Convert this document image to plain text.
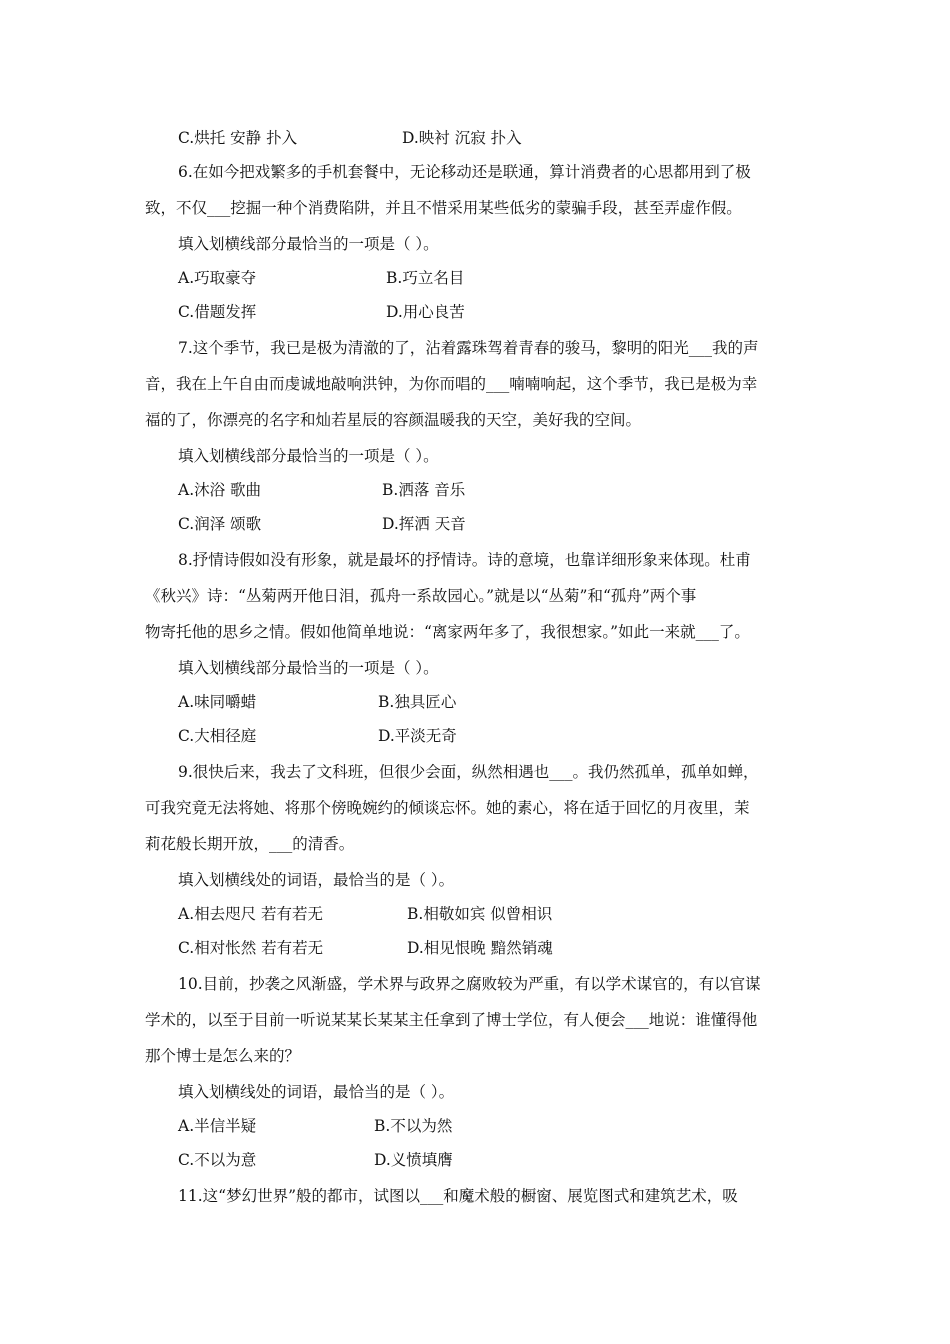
C.烘托 安静 扑入	D.映衬 沉寂 扑入
6.在如今把戏繁多的手机套餐中，无论移动还是联通，算计消费者的心思都用到了极
致，不仅___挖掘一种个消费陷阱，并且不惜采用某些低劣的蒙骗手段，甚至弄虚作假。
填入划横线部分最恰当的一项是（ ）。
A.巧取豪夺	B.巧立名目
C.借题发挥	D.用心良苦
7.这个季节，我已是极为清澈的了，沾着露珠驾着青春的骏马，黎明的阳光___我的声
音，我在上午自由而虔诚地敲响洪钟，为你而唱的___喃喃响起，这个季节，我已是极为幸
福的了，你漂亮的名字和灿若星辰的容颜温暖我的天空，美好我的空间。
填入划横线部分最恰当的一项是（ ）。
A.沐浴 歌曲	B.洒落 音乐
C.润泽 颂歌	D.挥洒 天音
8.抒情诗假如没有形象，就是最坏的抒情诗。诗的意境，也靠详细形象来体现。杜甫
《秋兴》诗：“丛菊两开他日泪，孤舟一系故园心。”就是以“丛菊”和“孤舟”两个事
物寄托他的思乡之情。假如他简单地说：“离家两年多了，我很想家。”如此一来就___了。
填入划横线部分最恰当的一项是（ ）。
A.味同嚼蜡	B.独具匠心
C.大相径庭	D.平淡无奇
9.很快后来，我去了文科班，但很少会面，纵然相遇也___。我仍然孤单，孤单如蝉，
可我究竟无法将她、将那个傍晚婉约的倾谈忘怀。她的素心，将在适于回忆的月夜里，茉
莉花般长期开放，___的清香。
填入划横线处的词语，最恰当的是（ ）。
A.相去咫尺 若有若无	B.相敬如宾 似曾相识
C.相对怅然 若有若无	D.相见恨晚 黯然销魂
10.目前，抄袭之风渐盛，学术界与政界之腐败较为严重，有以学术谋官的，有以官谋
学术的，以至于目前一听说某某长某某主任拿到了博士学位，有人便会___地说：谁懂得他
那个博士是怎么来的？
填入划横线处的词语，最恰当的是（ ）。
A.半信半疑	B.不以为然
C.不以为意	D.义愤填膺
11.这“梦幻世界”般的都市，试图以___和魔术般的橱窗、展览图式和建筑艺术，吸
